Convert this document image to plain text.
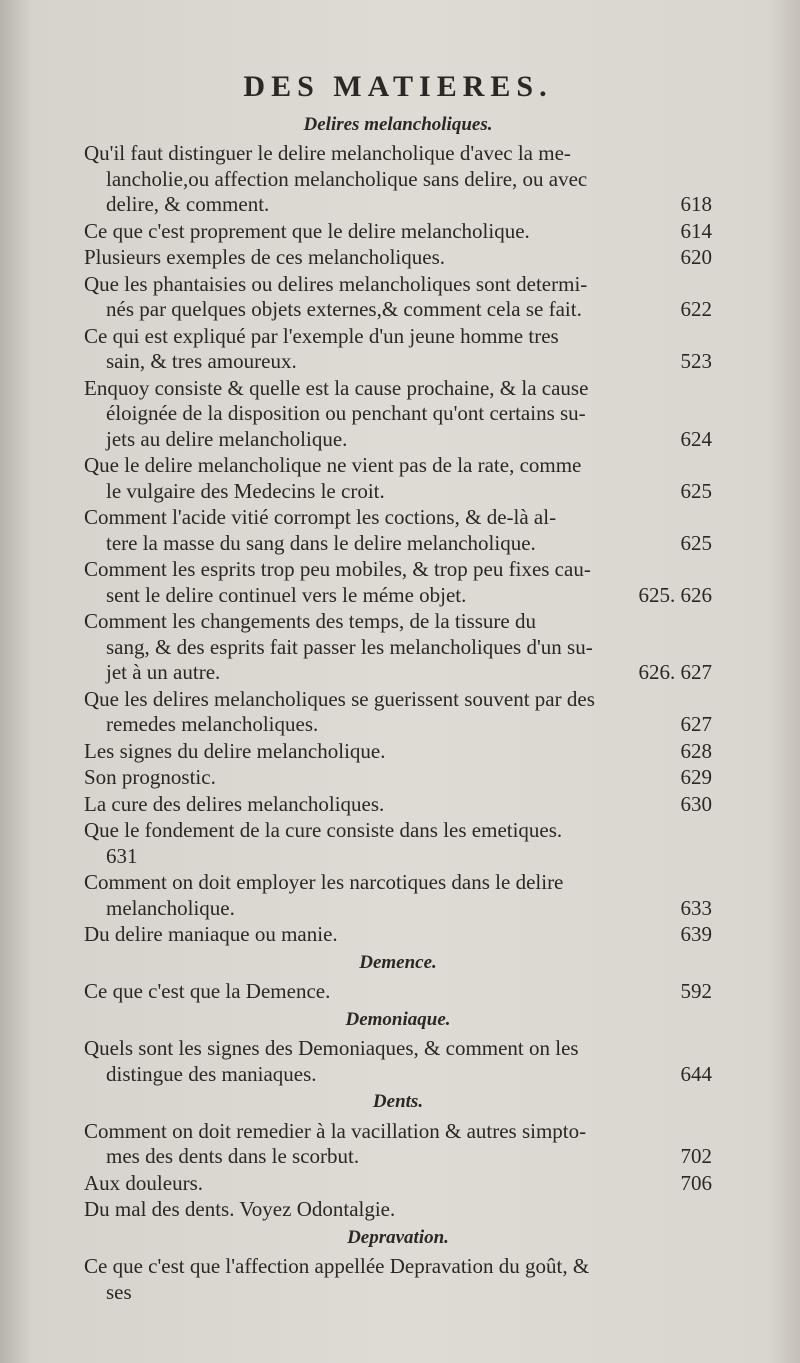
DES MATIERES.
Delires melancholiques.
Qu'il faut distinguer le delire melancholique d'avec la me-
lancholie,ou affection melancholique sans delire, ou avec
delire, & comment.	618
Ce que c'est proprement que le delire melancholique.	614
Plusieurs exemples de ces melancholiques.	620
Que les phantaisies ou delires melancholiques sont determi-
nés par quelques objets externes,& comment cela se fait.	622
Ce qui est expliqué par l'exemple d'un jeune homme tres
sain, & tres amoureux.	523
Enquoy consiste & quelle est la cause prochaine, & la cause
éloignée de la disposition ou penchant qu'ont certains su-
jets au delire melancholique.	624
Que le delire melancholique ne vient pas de la rate, comme
le vulgaire des Medecins le croit.	625
Comment l'acide vitié corrompt les coctions, & de-là al-
tere la masse du sang dans le delire melancholique.	625
Comment les esprits trop peu mobiles, & trop peu fixes cau-
sent le delire continuel vers le méme objet.	625. 626
Comment les changements des temps, de la tissure du
sang, & des esprits fait passer les melancholiques d'un su-
jet à un autre.	626. 627
Que les delires melancholiques se guerissent souvent par des
remedes melancholiques.	627
Les signes du delire melancholique.	628
Son prognostic.	629
La cure des delires melancholiques.	630
Que le fondement de la cure consiste dans les emetiques.
631
Comment on doit employer les narcotiques dans le delire
melancholique.	633
Du delire maniaque ou manie.	639
Demence.
Ce que c'est que la Demence.	592
Demoniaque.
Quels sont les signes des Demoniaques, & comment on les
distingue des maniaques.	644
Dents.
Comment on doit remedier à la vacillation & autres simpto-
mes des dents dans le scorbut.	702
Aux douleurs.	706
Du mal des dents. Voyez Odontalgie.
Depravation.
Ce que c'est que l'affection appellée Depravation du goût, &
ses
